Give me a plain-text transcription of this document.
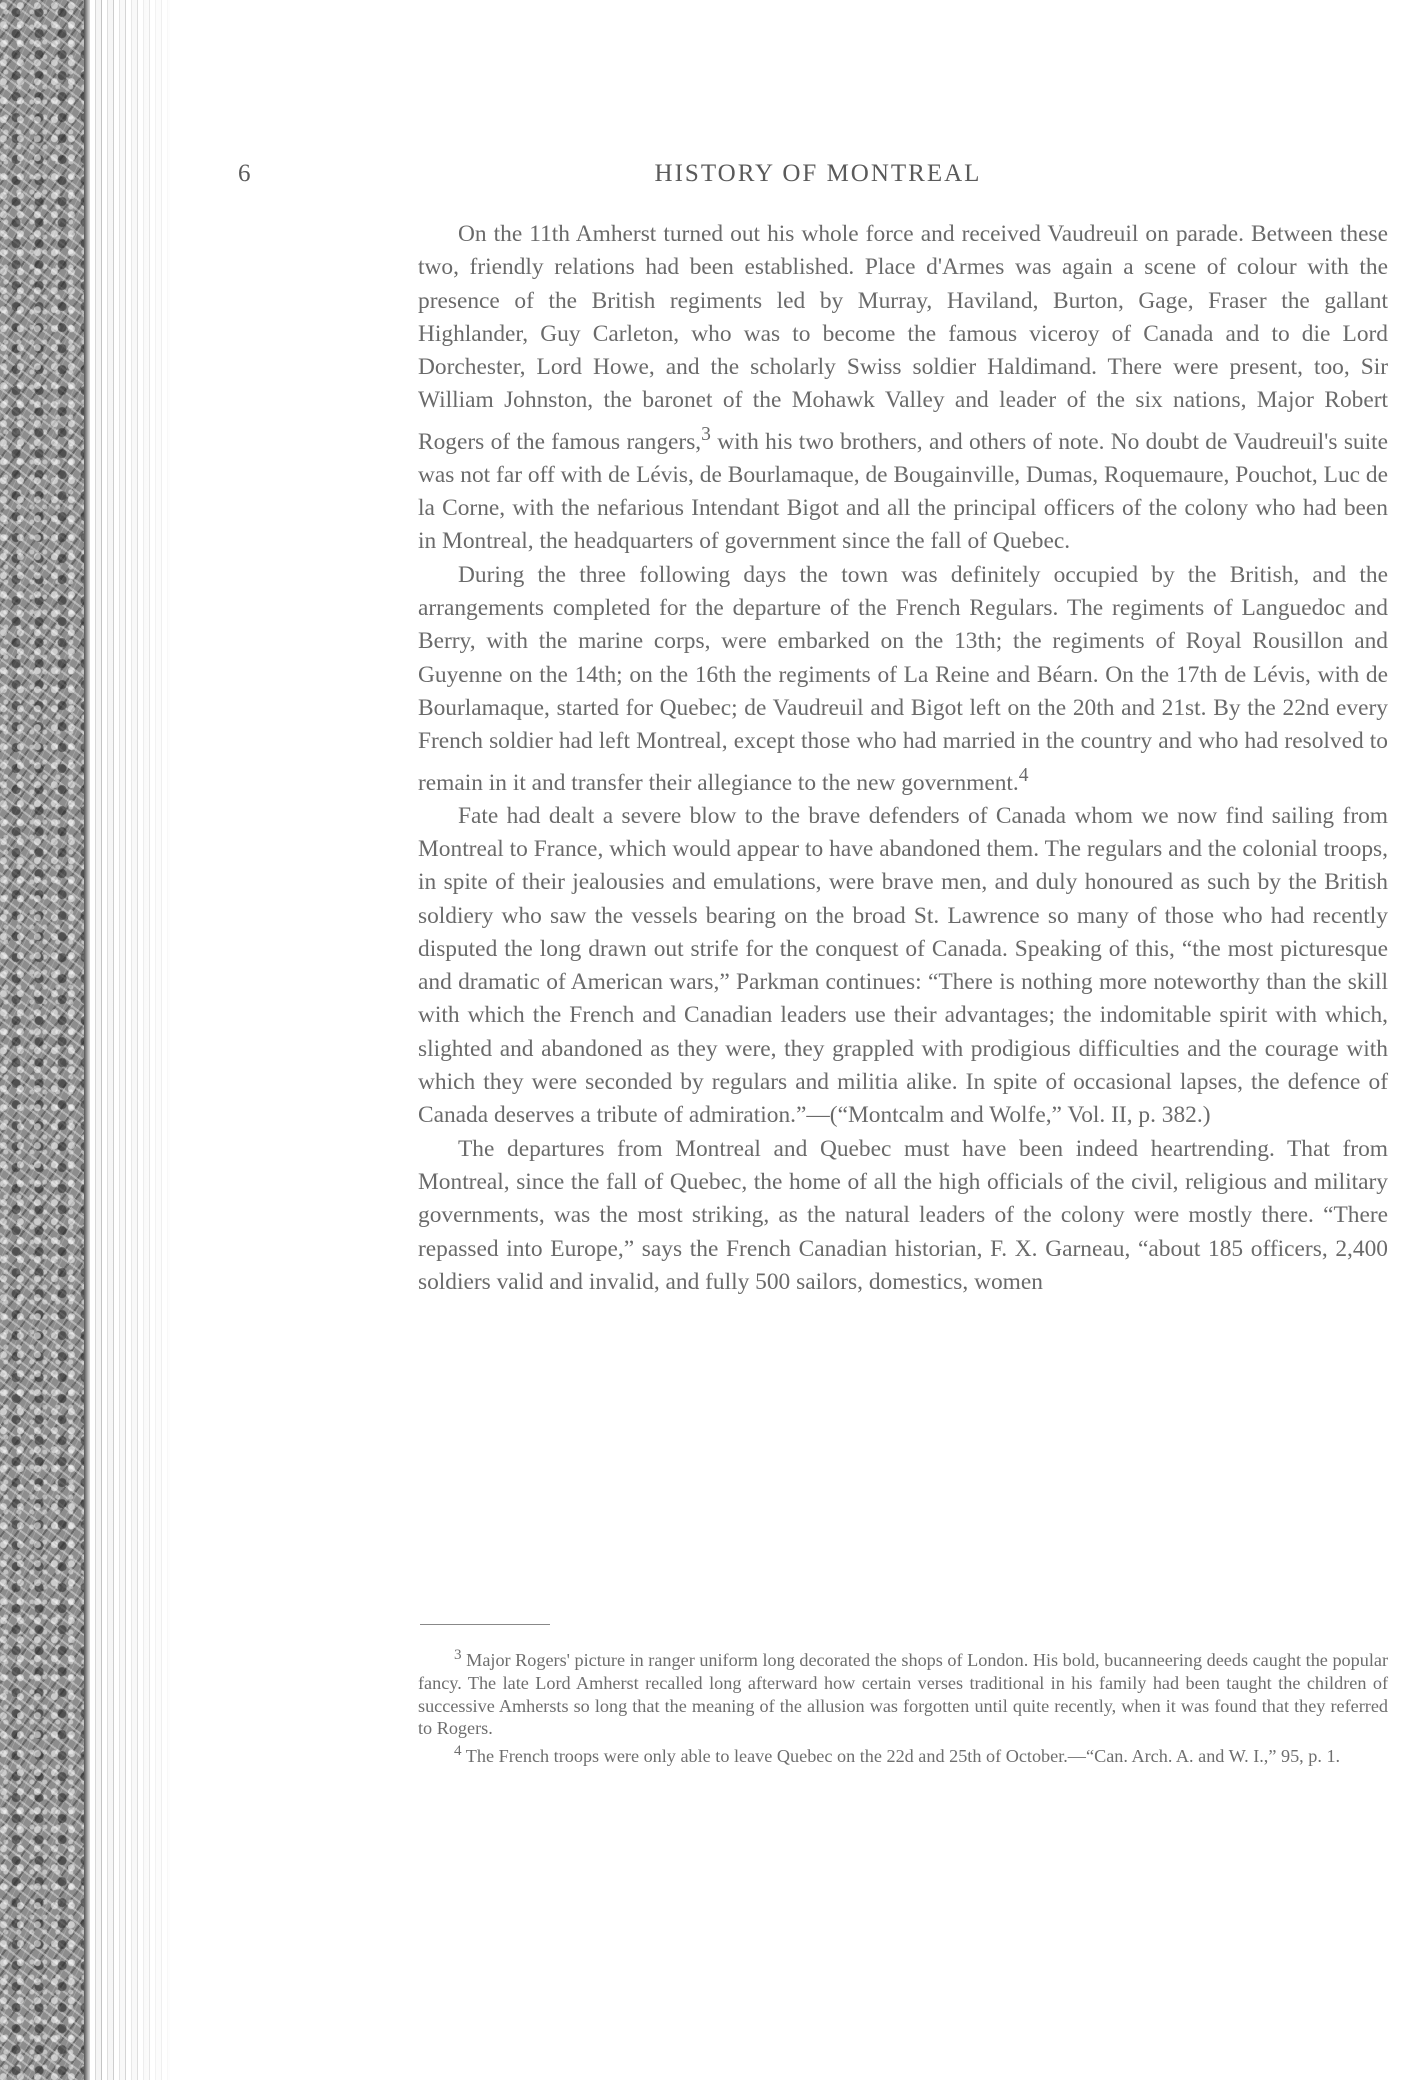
6	HISTORY OF MONTREAL

On the 11th Amherst turned out his whole force and received Vaudreuil on parade. Between these two, friendly relations had been established. Place d'Armes was again a scene of colour with the presence of the British regiments led by Murray, Haviland, Burton, Gage, Fraser the gallant Highlander, Guy Carleton, who was to become the famous viceroy of Canada and to die Lord Dorchester, Lord Howe, and the scholarly Swiss soldier Haldimand. There were present, too, Sir William Johnston, the baronet of the Mohawk Valley and leader of the six nations, Major Robert Rogers of the famous rangers,$^3$ with his two brothers, and others of note. No doubt de Vaudreuil's suite was not far off with de Lévis, de Bourlamaque, de Bougainville, Dumas, Roquemaure, Pouchot, Luc de la Corne, with the nefarious Intendant Bigot and all the principal officers of the colony who had been in Montreal, the headquarters of government since the fall of Quebec.

During the three following days the town was definitely occupied by the British, and the arrangements completed for the departure of the French Regulars. The regiments of Languedoc and Berry, with the marine corps, were embarked on the 13th; the regiments of Royal Rousillon and Guyenne on the 14th; on the 16th the regiments of La Reine and Béarn. On the 17th de Lévis, with de Bourlamaque, started for Quebec; de Vaudreuil and Bigot left on the 20th and 21st. By the 22nd every French soldier had left Montreal, except those who had married in the country and who had resolved to remain in it and transfer their allegiance to the new government.$^4$

Fate had dealt a severe blow to the brave defenders of Canada whom we now find sailing from Montreal to France, which would appear to have abandoned them. The regulars and the colonial troops, in spite of their jealousies and emulations, were brave men, and duly honoured as such by the British soldiery who saw the vessels bearing on the broad St. Lawrence so many of those who had recently disputed the long drawn out strife for the conquest of Canada. Speaking of this, “the most picturesque and dramatic of American wars,” Parkman continues: “There is nothing more noteworthy than the skill with which the French and Canadian leaders use their advantages; the indomitable spirit with which, slighted and abandoned as they were, they grappled with prodigious difficulties and the courage with which they were seconded by regulars and militia alike. In spite of occasional lapses, the defence of Canada deserves a tribute of admiration.”—(“Montcalm and Wolfe,” Vol. II, p. 382.)

The departures from Montreal and Quebec must have been indeed heartrending. That from Montreal, since the fall of Quebec, the home of all the high officials of the civil, religious and military governments, was the most striking, as the natural leaders of the colony were mostly there. “There repassed into Europe,” says the French Canadian historian, F. X. Garneau, “about 185 officers, 2,400 soldiers valid and invalid, and fully 500 sailors, domestics, women

$^3$ Major Rogers' picture in ranger uniform long decorated the shops of London. His bold, bucanneering deeds caught the popular fancy. The late Lord Amherst recalled long afterward how certain verses traditional in his family had been taught the children of successive Amhersts so long that the meaning of the allusion was forgotten until quite recently, when it was found that they referred to Rogers.

$^4$ The French troops were only able to leave Quebec on the 22d and 25th of October.—“Can. Arch. A. and W. I.,” 95, p. 1.
